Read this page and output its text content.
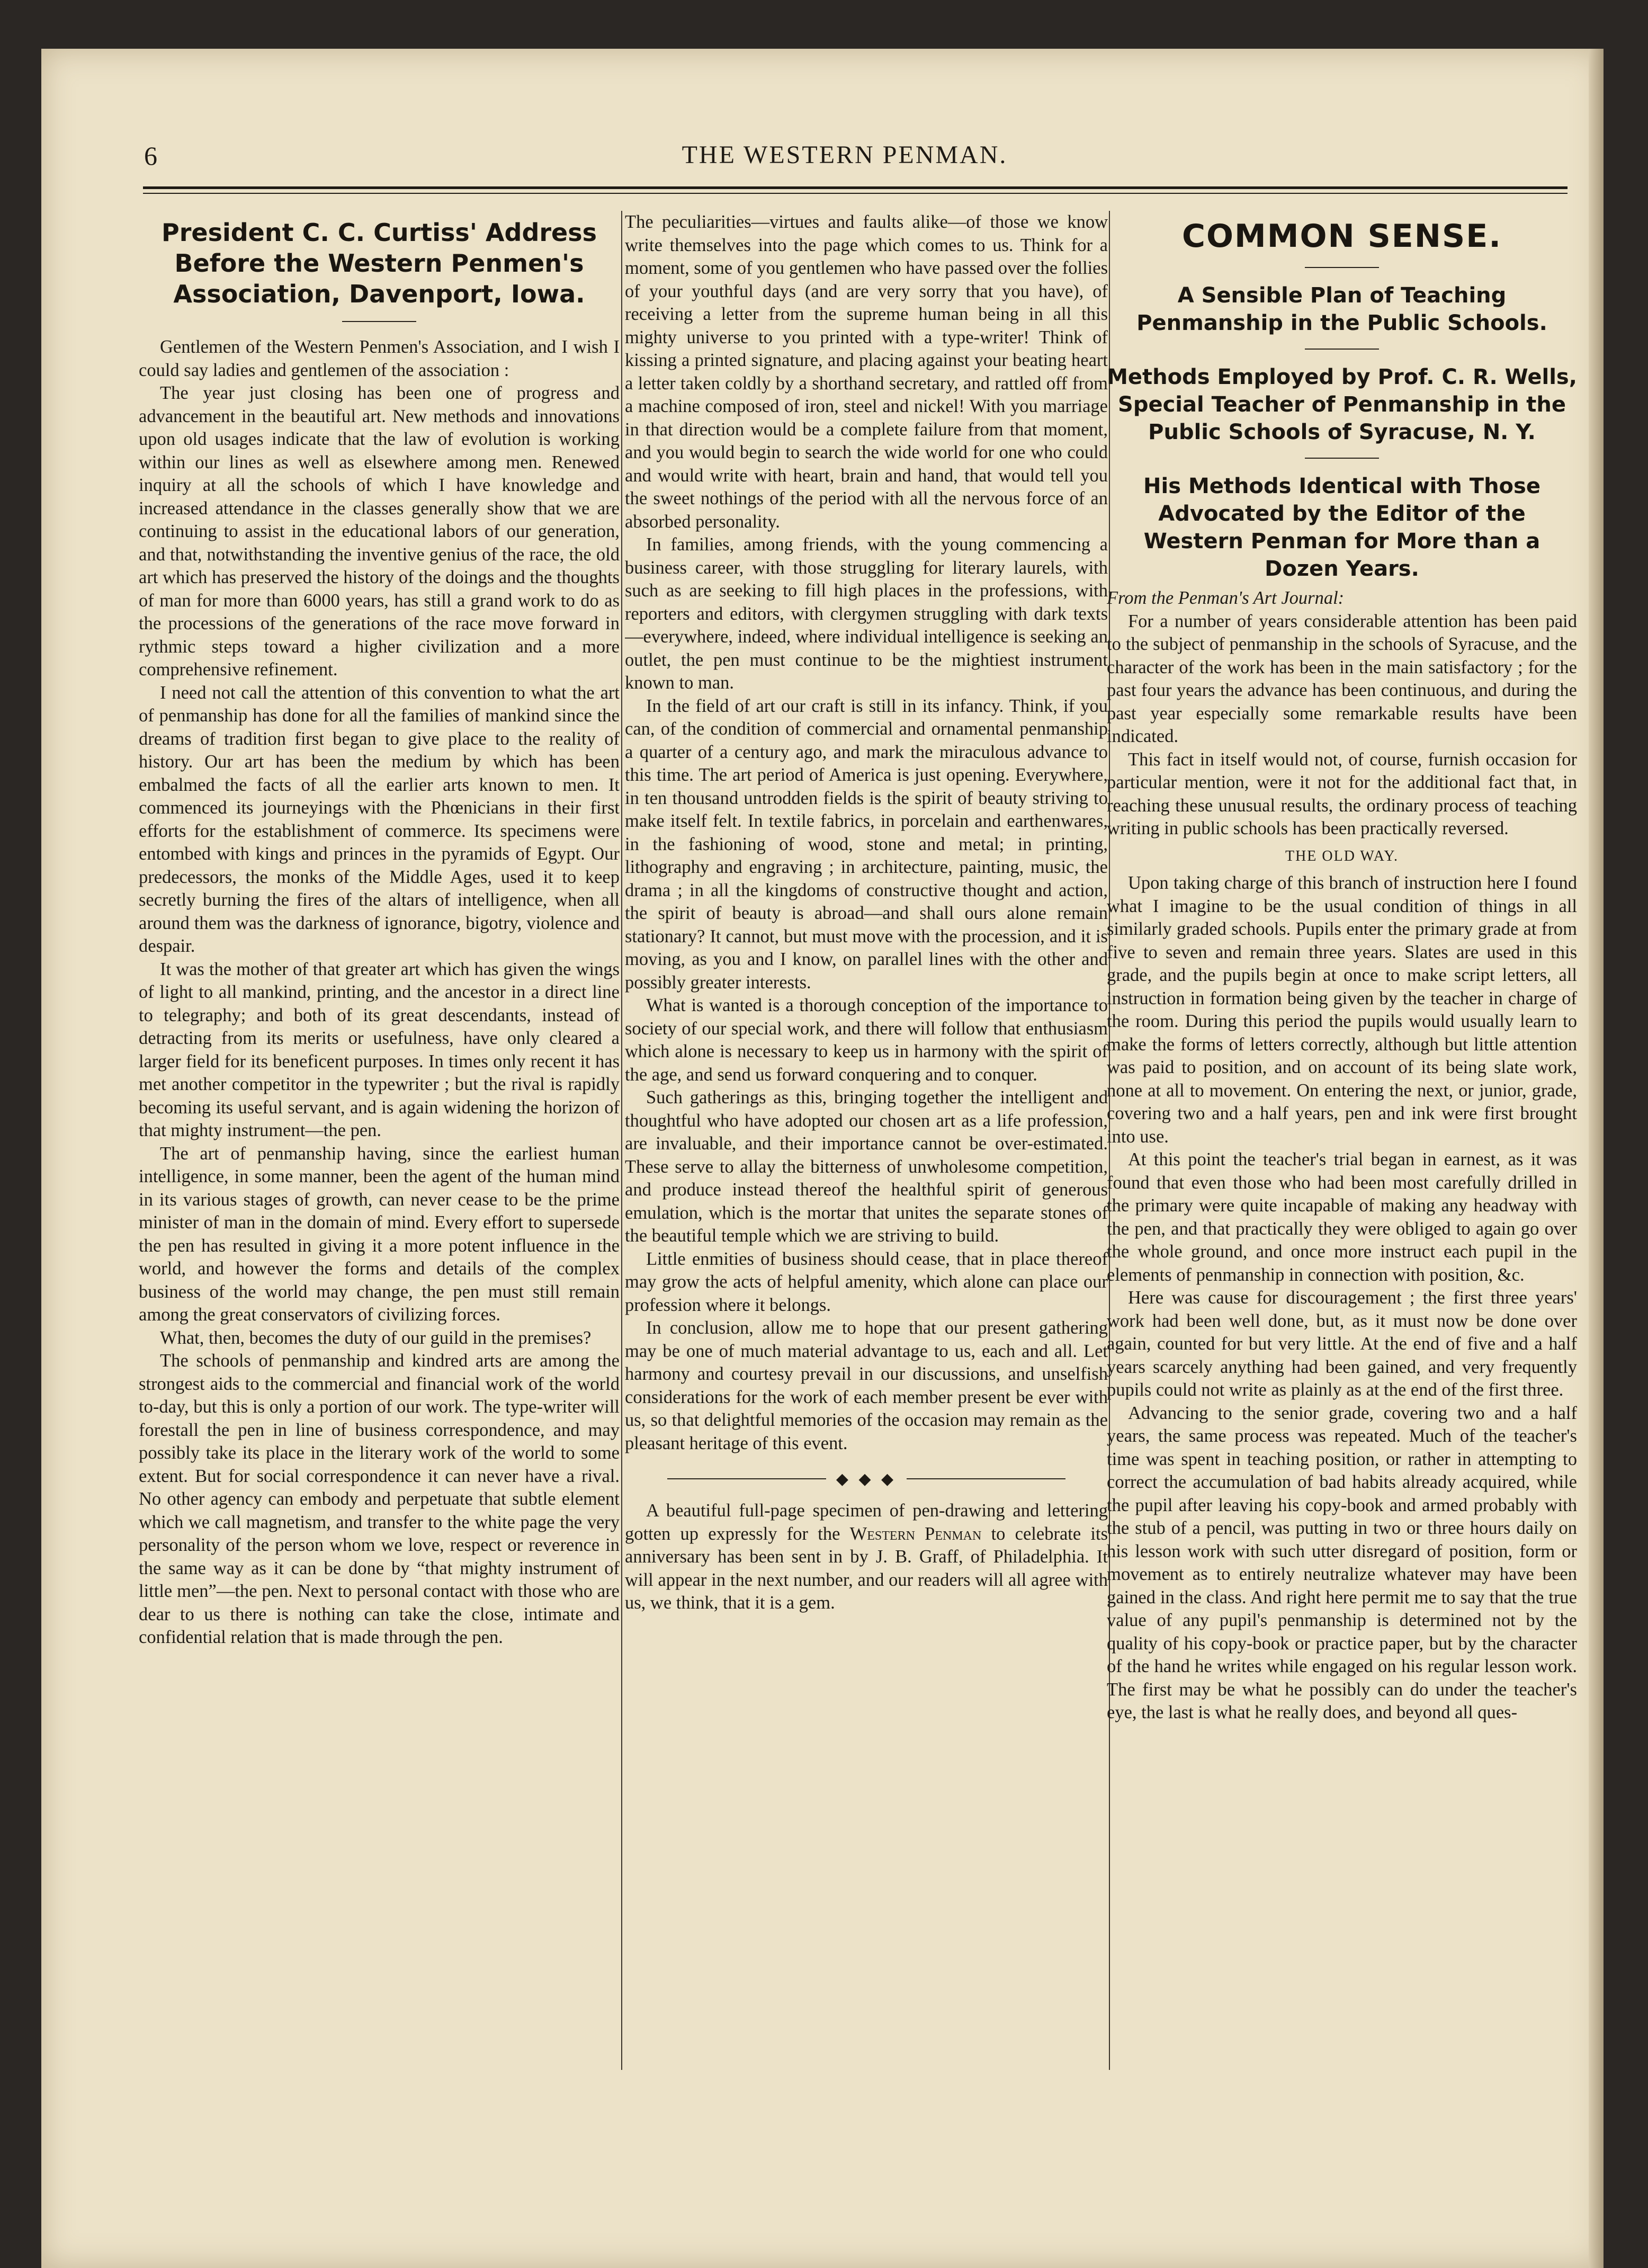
6	THE WESTERN PENMAN.
President C. C. Curtiss' Address Before the Western Penmen's Association, Davenport, Iowa.

Gentlemen of the Western Penmen's Association, and I wish I could say ladies and gentlemen of the association :

The year just closing has been one of progress and advancement in the beautiful art. New methods and innovations upon old usages indicate that the law of evolution is working within our lines as well as elsewhere among men. Renewed inquiry at all the schools of which I have knowledge and increased attendance in the classes generally show that we are continuing to assist in the educational labors of our generation, and that, notwithstanding the inventive genius of the race, the old art which has preserved the history of the doings and the thoughts of man for more than 6000 years, has still a grand work to do as the processions of the generations of the race move forward in rythmic steps toward a higher civilization and a more comprehensive refinement.

I need not call the attention of this convention to what the art of penmanship has done for all the families of mankind since the dreams of tradition first began to give place to the reality of history. Our art has been the medium by which has been embalmed the facts of all the earlier arts known to men. It commenced its journeyings with the Phœnicians in their first efforts for the establishment of commerce. Its specimens were entombed with kings and princes in the pyramids of Egypt. Our predecessors, the monks of the Middle Ages, used it to keep secretly burning the fires of the altars of intelligence, when all around them was the darkness of ignorance, bigotry, violence and despair.

It was the mother of that greater art which has given the wings of light to all mankind, printing, and the ancestor in a direct line to telegraphy; and both of its great descendants, instead of detracting from its merits or usefulness, have only cleared a larger field for its beneficent purposes. In times only recent it has met another competitor in the typewriter ; but the rival is rapidly becoming its useful servant, and is again widening the horizon of that mighty instrument—the pen.

The art of penmanship having, since the earliest human intelligence, in some manner, been the agent of the human mind in its various stages of growth, can never cease to be the prime minister of man in the domain of mind. Every effort to supersede the pen has resulted in giving it a more potent influence in the world, and however the forms and details of the complex business of the world may change, the pen must still remain among the great conservators of civilizing forces.

What, then, becomes the duty of our guild in the premises?

The schools of penmanship and kindred arts are among the strongest aids to the commercial and financial work of the world to-day, but this is only a portion of our work. The type-writer will forestall the pen in line of business correspondence, and may possibly take its place in the literary work of the world to some extent. But for social correspondence it can never have a rival. No other agency can embody and perpetuate that subtle element which we call magnetism, and transfer to the white page the very personality of the person whom we love, respect or reverence in the same way as it can be done by “that mighty instrument of little men”—the pen. Next to personal contact with those who are dear to us there is nothing can take the close, intimate and confidential relation that is made through the pen.

The peculiarities—virtues and faults alike—of those we know write themselves into the page which comes to us. Think for a moment, some of you gentlemen who have passed over the follies of your youthful days (and are very sorry that you have), of receiving a letter from the supreme human being in all this mighty universe to you printed with a type-writer! Think of kissing a printed signature, and placing against your beating heart a letter taken coldly by a shorthand secretary, and rattled off from a machine composed of iron, steel and nickel! With you marriage in that direction would be a complete failure from that moment, and you would begin to search the wide world for one who could and would write with heart, brain and hand, that would tell you the sweet nothings of the period with all the nervous force of an absorbed personality.

In families, among friends, with the young commencing a business career, with those struggling for literary laurels, with such as are seeking to fill high places in the professions, with reporters and editors, with clergymen struggling with dark texts —everywhere, indeed, where individual intelligence is seeking an outlet, the pen must continue to be the mightiest instrument known to man.

In the field of art our craft is still in its infancy. Think, if you can, of the condition of commercial and ornamental penmanship a quarter of a century ago, and mark the miraculous advance to this time. The art period of America is just opening. Everywhere, in ten thousand untrodden fields is the spirit of beauty striving to make itself felt. In textile fabrics, in porcelain and earthenwares, in the fashioning of wood, stone and metal; in printing, lithography and engraving ; in architecture, painting, music, the drama ; in all the kingdoms of constructive thought and action, the spirit of beauty is abroad—and shall ours alone remain stationary? It cannot, but must move with the procession, and it is moving, as you and I know, on parallel lines with the other and possibly greater interests.

What is wanted is a thorough conception of the importance to society of our special work, and there will follow that enthusiasm which alone is necessary to keep us in harmony with the spirit of the age, and send us forward conquering and to conquer.

Such gatherings as this, bringing together the intelligent and thoughtful who have adopted our chosen art as a life profession, are invaluable, and their importance cannot be over-estimated. These serve to allay the bitterness of unwholesome competition, and produce instead thereof the healthful spirit of generous emulation, which is the mortar that unites the separate stones of the beautiful temple which we are striving to build.

Little enmities of business should cease, that in place thereof may grow the acts of helpful amenity, which alone can place our profession where it belongs.

In conclusion, allow me to hope that our present gathering may be one of much material advantage to us, each and all. Let harmony and courtesy prevail in our discussions, and unselfish considerations for the work of each member present be ever with us, so that delightful memories of the occasion may remain as the pleasant heritage of this event.

◆ ◆ ◆

A beautiful full-page specimen of pen-drawing and lettering gotten up expressly for the Western Penman to celebrate its anniversary has been sent in by J. B. Graff, of Philadelphia. It will appear in the next number, and our readers will all agree with us, we think, that it is a gem.

COMMON SENSE.
A Sensible Plan of Teaching Penmanship in the Public Schools.
Methods Employed by Prof. C. R. Wells, Special Teacher of Penmanship in the Public Schools of Syracuse, N. Y.
His Methods Identical with Those Advocated by the Editor of the Western Penman for More than a Dozen Years.

From the Penman's Art Journal:

For a number of years considerable attention has been paid to the subject of penmanship in the schools of Syracuse, and the character of the work has been in the main satisfactory ; for the past four years the advance has been continuous, and during the past year especially some remarkable results have been indicated.

This fact in itself would not, of course, furnish occasion for particular mention, were it not for the additional fact that, in reaching these unusual results, the ordinary process of teaching writing in public schools has been practically reversed.

THE OLD WAY.

Upon taking charge of this branch of instruction here I found what I imagine to be the usual condition of things in all similarly graded schools. Pupils enter the primary grade at from five to seven and remain three years. Slates are used in this grade, and the pupils begin at once to make script letters, all instruction in formation being given by the teacher in charge of the room. During this period the pupils would usually learn to make the forms of letters correctly, although but little attention was paid to position, and on account of its being slate work, none at all to movement. On entering the next, or junior, grade, covering two and a half years, pen and ink were first brought into use.

At this point the teacher's trial began in earnest, as it was found that even those who had been most carefully drilled in the primary were quite incapable of making any headway with the pen, and that practically they were obliged to again go over the whole ground, and once more instruct each pupil in the elements of penmanship in connection with position, &c.

Here was cause for discouragement ; the first three years' work had been well done, but, as it must now be done over again, counted for but very little. At the end of five and a half years scarcely anything had been gained, and very frequently pupils could not write as plainly as at the end of the first three.

Advancing to the senior grade, covering two and a half years, the same process was repeated. Much of the teacher's time was spent in teaching position, or rather in attempting to correct the accumulation of bad habits already acquired, while the pupil after leaving his copy-book and armed probably with the stub of a pencil, was putting in two or three hours daily on his lesson work with such utter disregard of position, form or movement as to entirely neutralize whatever may have been gained in the class. And right here permit me to say that the true value of any pupil's penmanship is determined not by the quality of his copy-book or practice paper, but by the character of the hand he writes while engaged on his regular lesson work. The first may be what he possibly can do under the teacher's eye, the last is what he really does, and beyond all ques-
